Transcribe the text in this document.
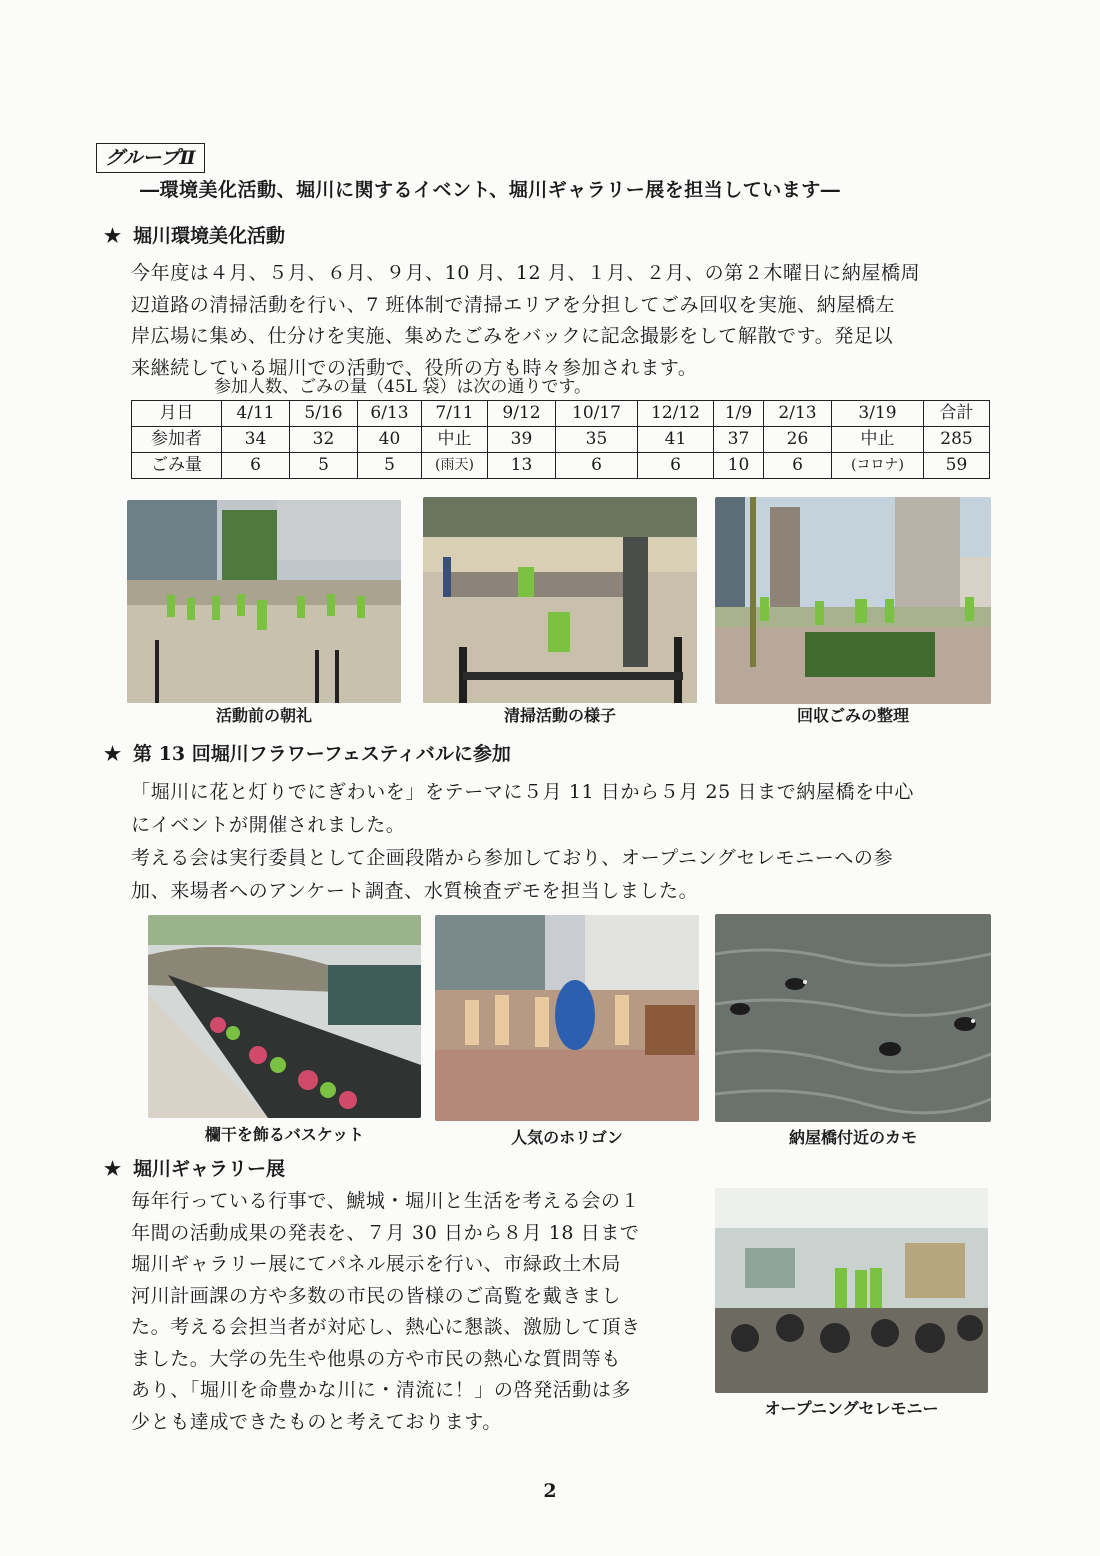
グループⅡ
―環境美化活動、堀川に関するイベント、堀川ギャラリー展を担当しています―
★ 堀川環境美化活動
今年度は４月、５月、６月、９月、10 月、12 月、１月、２月、の第２木曜日に納屋橋周
辺道路の清掃活動を行い、7 班体制で清掃エリアを分担してごみ回収を実施、納屋橋左
岸広場に集め、仕分けを実施、集めたごみをバックに記念撮影をして解散です。発足以
来継続している堀川での活動で、役所の方も時々参加されます。
参加人数、ごみの量（45L 袋）は次の通りです。
月日	4/11	5/16	6/13	7/11	9/12	10/17	12/12	1/9	2/13	3/19	合計
参加者	34	32	40	中止	39	35	41	37	26	中止	285
ごみ量	6	5	5	(雨天)	13	6	6	10	6	(コロナ)	59
活動前の朝礼	清掃活動の様子	回収ごみの整理
★ 第 13 回堀川フラワーフェスティバルに参加
「堀川に花と灯りでにぎわいを」をテーマに５月 11 日から５月 25 日まで納屋橋を中心
にイベントが開催されました。
考える会は実行委員として企画段階から参加しており、オープニングセレモニーへの参
加、来場者へのアンケート調査、水質検査デモを担当しました。
欄干を飾るバスケット	人気のホリゴン	納屋橋付近のカモ
★ 堀川ギャラリー展
毎年行っている行事で、鯱城・堀川と生活を考える会の１
年間の活動成果の発表を、７月 30 日から８月 18 日まで
堀川ギャラリー展にてパネル展示を行い、市緑政土木局
河川計画課の方や多数の市民の皆様のご高覧を戴きまし
た。考える会担当者が対応し、熱心に懇談、激励して頂き
ました。大学の先生や他県の方や市民の熱心な質問等も
あり、「堀川を命豊かな川に・清流に！」の啓発活動は多
少とも達成できたものと考えております。
オープニングセレモニー
2
